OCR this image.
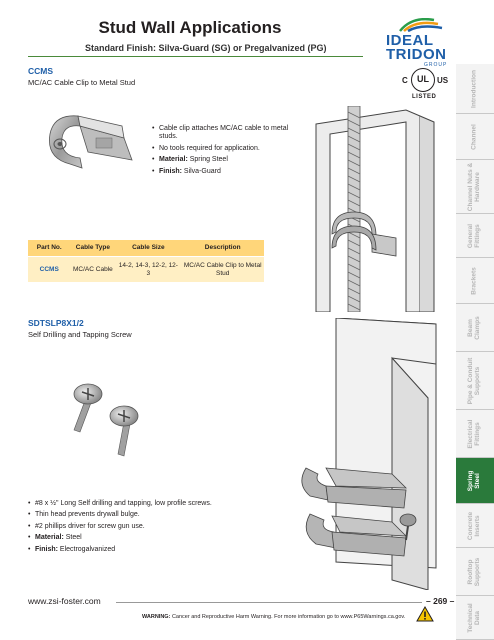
Stud Wall Applications
Standard Finish: Silva-Guard (SG) or Pregalvanized (PG)	IDEAL
TRIDON
GROUP
Introduction
Channel
Channel Nuts & Hardware
General Fittings
Brackets
Beam Clamps
Pipe & Conduit Supports
Electrical Fittings
Spring Steel
Concrete Inserts
Rooftop Supports
Technical Data
C	UL	US
LISTED
CCMS
MC/AC Cable Clip to Metal Stud
• Cable clip attaches MC/AC cable to metal studs.
• No tools required for application.
• Material: Spring Steel
• Finish: Silva-Guard
Part No.	Cable Type	Cable Size	Description
CCMS	MC/AC Cable	14-2, 14-3, 12-2, 12-3	MC/AC Cable Clip to Metal Stud
SDTSLP8X1/2
Self Drilling and Tapping Screw
• #8 x ½" Long Self drilling and tapping, low profile screws.
• Thin head prevents drywall bulge.
• #2 phillips driver for screw gun use.
• Material: Steel
• Finish: Electrogalvanized
www.zsi-foster.com	– 269 –
WARNING: Cancer and Reproductive Harm Warning. For more information go to www.P65Warnings.ca.gov.
